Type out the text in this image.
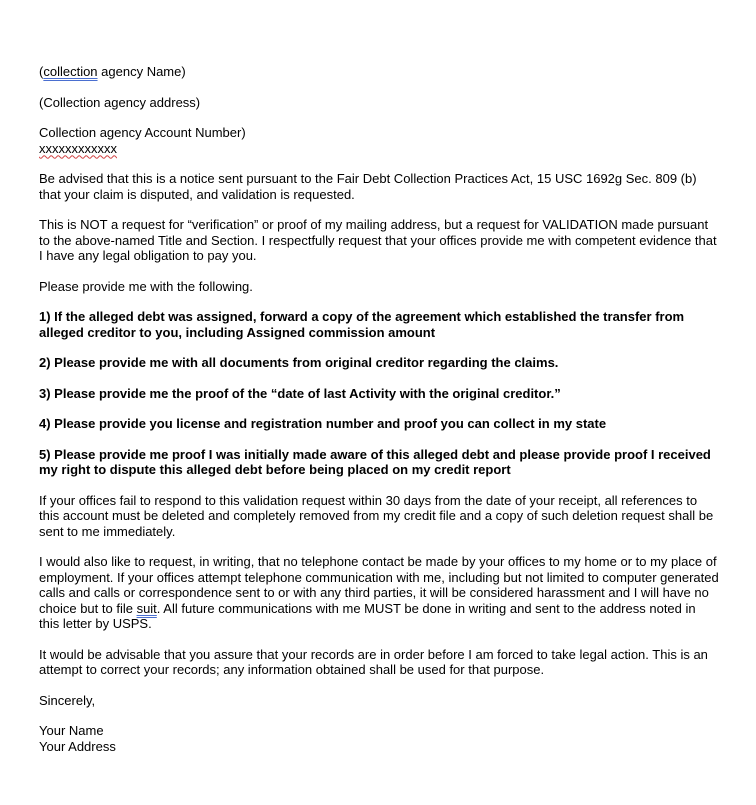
(collection agency Name)
(Collection agency address)
Collection agency Account Number)
xxxxxxxxxxxx
Be advised that this is a notice sent pursuant to the Fair Debt Collection Practices Act, 15 USC 1692g Sec. 809 (b) that your claim is disputed, and validation is requested.
This is NOT a request for “verification” or proof of my mailing address, but a request for VALIDATION made pursuant to the above-named Title and Section. I respectfully request that your offices provide me with competent evidence that I have any legal obligation to pay you.
Please provide me with the following.
1) If the alleged debt was assigned, forward a copy of the agreement which established the transfer from alleged creditor to you, including Assigned commission amount
2) Please provide me with all documents from original creditor regarding the claims.
3) Please provide me the proof of the “date of last Activity with the original creditor.”
4) Please provide you license and registration number and proof you can collect in my state
5) Please provide me proof I was initially made aware of this alleged debt and please provide proof I received my right to dispute this alleged debt before being placed on my credit report
If your offices fail to respond to this validation request within 30 days from the date of your receipt, all references to this account must be deleted and completely removed from my credit file and a copy of such deletion request shall be sent to me immediately.
I would also like to request, in writing, that no telephone contact be made by your offices to my home or to my place of employment. If your offices attempt telephone communication with me, including but not limited to computer generated calls and calls or correspondence sent to or with any third parties, it will be considered harassment and I will have no choice but to file suit. All future communications with me MUST be done in writing and sent to the address noted in this letter by USPS.
It would be advisable that you assure that your records are in order before I am forced to take legal action. This is an attempt to correct your records; any information obtained shall be used for that purpose.
Sincerely,
Your Name
Your Address
